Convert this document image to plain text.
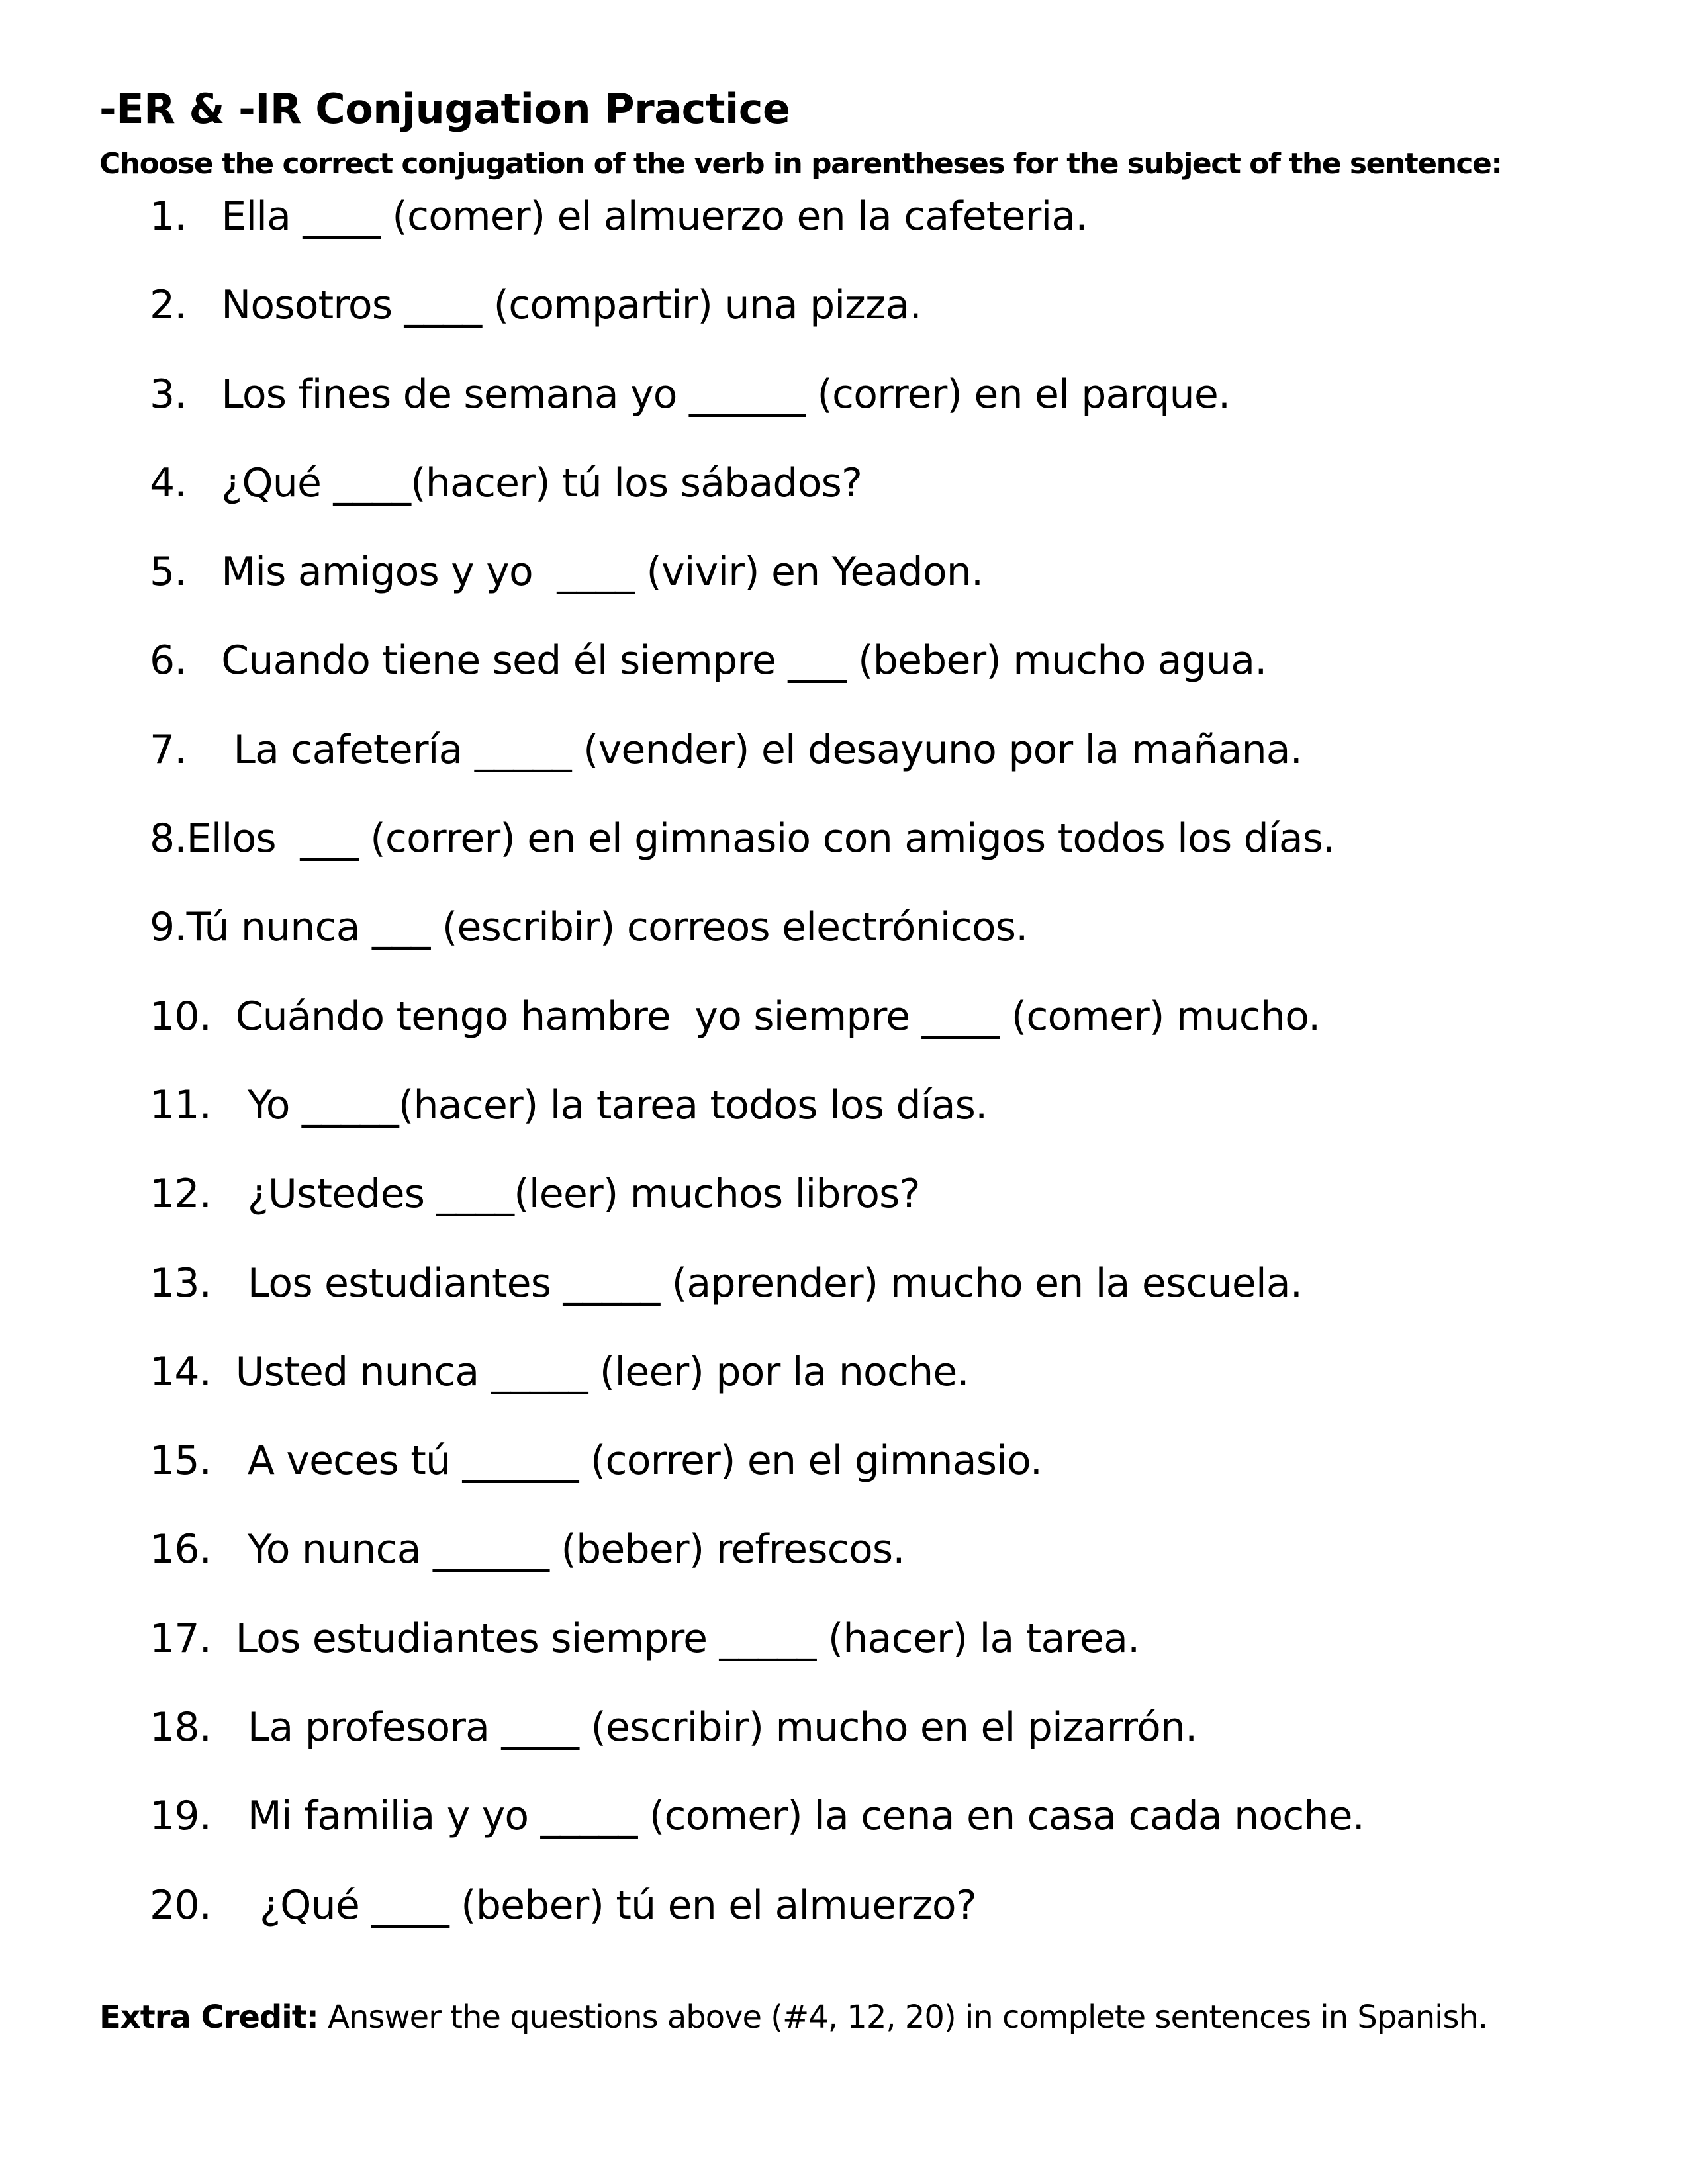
-ER & -IR Conjugation Practice
Choose the correct conjugation of the verb in parentheses for the subject of the sentence:
1. Ella ____ (comer) el almuerzo en la cafeteria.
2. Nosotros ____ (compartir) una pizza.
3. Los fines de semana yo ______ (correr) en el parque.
4. ¿Qué ____(hacer) tú los sábados?
5. Mis amigos y yo  ____ (vivir) en Yeadon.
6. Cuando tiene sed él siempre ___ (beber) mucho agua.
7.  La cafetería _____ (vender) el desayuno por la mañana.
8.Ellos  ___ (correr) en el gimnasio con amigos todos los días.
9.Tú nunca ___ (escribir) correos electrónicos.
10.  Cuándo tengo hambre  yo siempre ____ (comer) mucho.
11.   Yo _____(hacer) la tarea todos los días.
12.   ¿Ustedes ____(leer) muchos libros?
13.   Los estudiantes _____ (aprender) mucho en la escuela.
14.  Usted nunca _____ (leer) por la noche.
15.   A veces tú ______ (correr) en el gimnasio.
16.   Yo nunca ______ (beber) refrescos.
17.  Los estudiantes siempre _____ (hacer) la tarea.
18.   La profesora ____ (escribir) mucho en el pizarrón.
19.   Mi familia y yo _____ (comer) la cena en casa cada noche.
20.    ¿Qué ____ (beber) tú en el almuerzo?
Extra Credit: Answer the questions above (#4, 12, 20) in complete sentences in Spanish.
